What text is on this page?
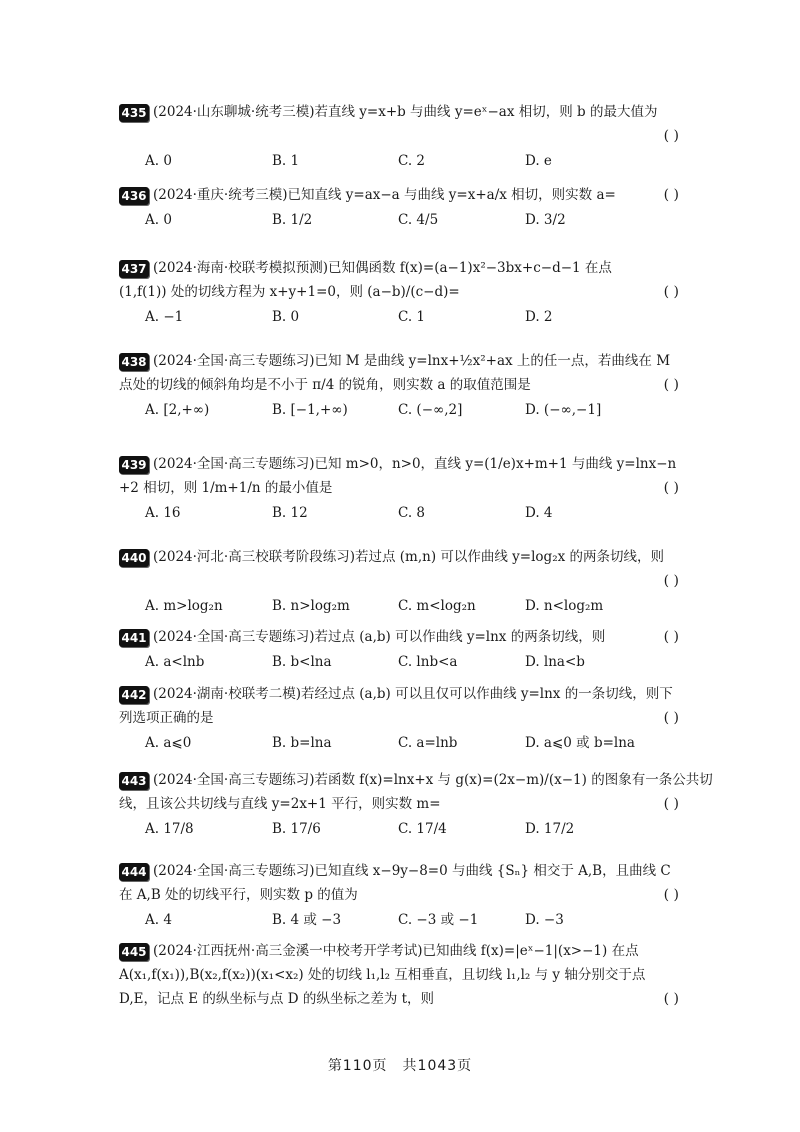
435 (2024·山东聊城·统考三模)若直线 y=x+b 与曲线 y=eˣ−ax 相切，则 b 的最大值为
( )
A. 0	B. 1	C. 2	D. e
436 (2024·重庆·统考三模)已知直线 y=ax−a 与曲线 y=x+a/x 相切，则实数 a=	( )
A. 0	B. 1/2	C. 4/5	D. 3/2
437 (2024·海南·校联考模拟预测)已知偶函数 f(x)=(a−1)x²−3bx+c−d−1 在点
(1,f(1)) 处的切线方程为 x+y+1=0，则 (a−b)/(c−d)=	( )
A. −1	B. 0	C. 1	D. 2
438 (2024·全国·高三专题练习)已知 M 是曲线 y=lnx+½x²+ax 上的任一点，若曲线在 M
点处的切线的倾斜角均是不小于 π/4 的锐角，则实数 a 的取值范围是	( )
A. [2,+∞)	B. [−1,+∞)	C. (−∞,2]	D. (−∞,−1]
439 (2024·全国·高三专题练习)已知 m>0，n>0，直线 y=(1/e)x+m+1 与曲线 y=lnx−n
+2 相切，则 1/m+1/n 的最小值是	( )
A. 16	B. 12	C. 8	D. 4
440 (2024·河北·高三校联考阶段练习)若过点 (m,n) 可以作曲线 y=log₂x 的两条切线，则
( )
A. m>log₂n	B. n>log₂m	C. m<log₂n	D. n<log₂m
441 (2024·全国·高三专题练习)若过点 (a,b) 可以作曲线 y=lnx 的两条切线，则	( )
A. a<lnb	B. b<lna	C. lnb<a	D. lna<b
442 (2024·湖南·校联考二模)若经过点 (a,b) 可以且仅可以作曲线 y=lnx 的一条切线，则下
列选项正确的是	( )
A. a⩽0	B. b=lna	C. a=lnb	D. a⩽0 或 b=lna
443 (2024·全国·高三专题练习)若函数 f(x)=lnx+x 与 g(x)=(2x−m)/(x−1) 的图象有一条公共切
线，且该公共切线与直线 y=2x+1 平行，则实数 m=	( )
A. 17/8	B. 17/6	C. 17/4	D. 17/2
444 (2024·全国·高三专题练习)已知直线 x−9y−8=0 与曲线 {Sₙ} 相交于 A,B，且曲线 C
在 A,B 处的切线平行，则实数 p 的值为	( )
A. 4	B. 4 或 −3	C. −3 或 −1	D. −3
445 (2024·江西抚州·高三金溪一中校考开学考试)已知曲线 f(x)=|eˣ−1|(x>−1) 在点
A(x₁,f(x₁)),B(x₂,f(x₂))(x₁<x₂) 处的切线 l₁,l₂ 互相垂直，且切线 l₁,l₂ 与 y 轴分别交于点
D,E，记点 E 的纵坐标与点 D 的纵坐标之差为 t，则	( )
第110页　共1043页
